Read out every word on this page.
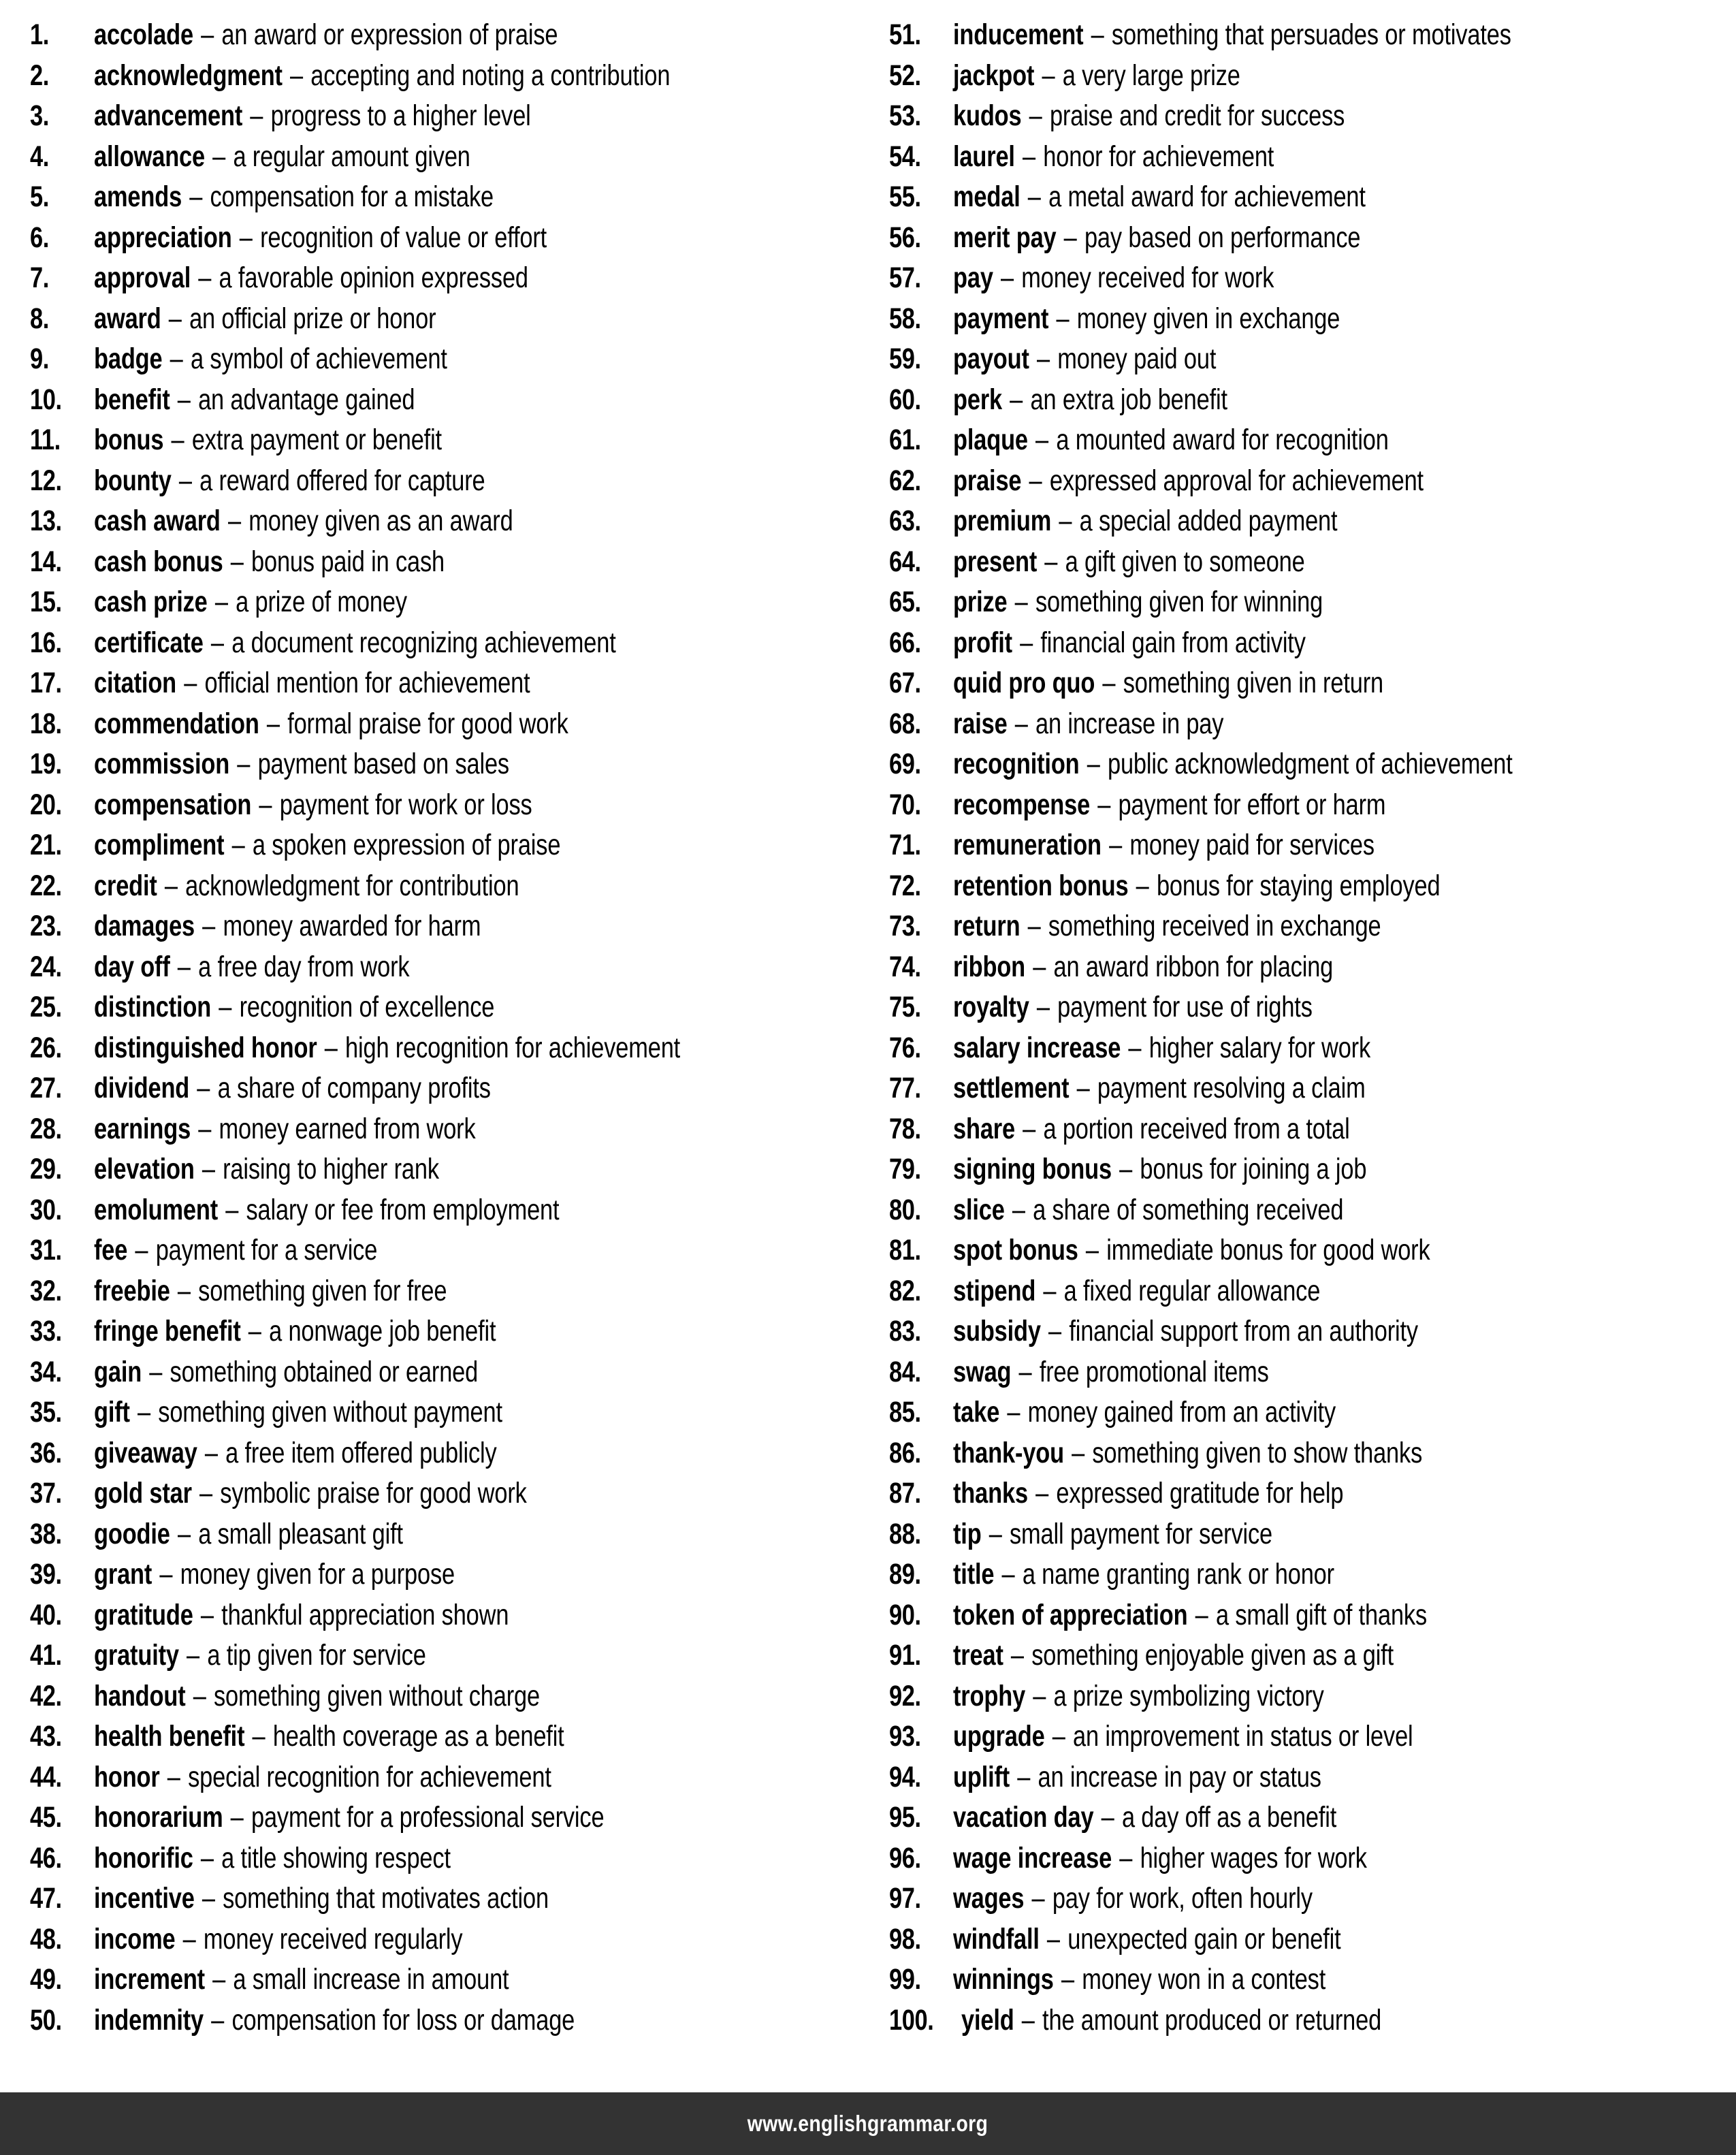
1.	accolade – an award or expression of praise
2.	acknowledgment – accepting and noting a contribution
3.	advancement – progress to a higher level
4.	allowance – a regular amount given
5.	amends – compensation for a mistake
6.	appreciation – recognition of value or effort
7.	approval – a favorable opinion expressed
8.	award – an official prize or honor
9.	badge – a symbol of achievement
10.	benefit – an advantage gained
11.	bonus – extra payment or benefit
12.	bounty – a reward offered for capture
13.	cash award – money given as an award
14.	cash bonus – bonus paid in cash
15.	cash prize – a prize of money
16.	certificate – a document recognizing achievement
17.	citation – official mention for achievement
18.	commendation – formal praise for good work
19.	commission – payment based on sales
20.	compensation – payment for work or loss
21.	compliment – a spoken expression of praise
22.	credit – acknowledgment for contribution
23.	damages – money awarded for harm
24.	day off – a free day from work
25.	distinction – recognition of excellence
26.	distinguished honor – high recognition for achievement
27.	dividend – a share of company profits
28.	earnings – money earned from work
29.	elevation – raising to higher rank
30.	emolument – salary or fee from employment
31.	fee – payment for a service
32.	freebie – something given for free
33.	fringe benefit – a nonwage job benefit
34.	gain – something obtained or earned
35.	gift – something given without payment
36.	giveaway – a free item offered publicly
37.	gold star – symbolic praise for good work
38.	goodie – a small pleasant gift
39.	grant – money given for a purpose
40.	gratitude – thankful appreciation shown
41.	gratuity – a tip given for service
42.	handout – something given without charge
43.	health benefit – health coverage as a benefit
44.	honor – special recognition for achievement
45.	honorarium – payment for a professional service
46.	honorific – a title showing respect
47.	incentive – something that motivates action
48.	income – money received regularly
49.	increment – a small increase in amount
50.	indemnity – compensation for loss or damage
51.	inducement – something that persuades or motivates
52.	jackpot – a very large prize
53.	kudos – praise and credit for success
54.	laurel – honor for achievement
55.	medal – a metal award for achievement
56.	merit pay – pay based on performance
57.	pay – money received for work
58.	payment – money given in exchange
59.	payout – money paid out
60.	perk – an extra job benefit
61.	plaque – a mounted award for recognition
62.	praise – expressed approval for achievement
63.	premium – a special added payment
64.	present – a gift given to someone
65.	prize – something given for winning
66.	profit – financial gain from activity
67.	quid pro quo – something given in return
68.	raise – an increase in pay
69.	recognition – public acknowledgment of achievement
70.	recompense – payment for effort or harm
71.	remuneration – money paid for services
72.	retention bonus – bonus for staying employed
73.	return – something received in exchange
74.	ribbon – an award ribbon for placing
75.	royalty – payment for use of rights
76.	salary increase – higher salary for work
77.	settlement – payment resolving a claim
78.	share – a portion received from a total
79.	signing bonus – bonus for joining a job
80.	slice – a share of something received
81.	spot bonus – immediate bonus for good work
82.	stipend – a fixed regular allowance
83.	subsidy – financial support from an authority
84.	swag – free promotional items
85.	take – money gained from an activity
86.	thank-you – something given to show thanks
87.	thanks – expressed gratitude for help
88.	tip – small payment for service
89.	title – a name granting rank or honor
90.	token of appreciation – a small gift of thanks
91.	treat – something enjoyable given as a gift
92.	trophy – a prize symbolizing victory
93.	upgrade – an improvement in status or level
94.	uplift – an increase in pay or status
95.	vacation day – a day off as a benefit
96.	wage increase – higher wages for work
97.	wages – pay for work, often hourly
98.	windfall – unexpected gain or benefit
99.	winnings – money won in a contest
100. yield – the amount produced or returned
www.englishgrammar.org
